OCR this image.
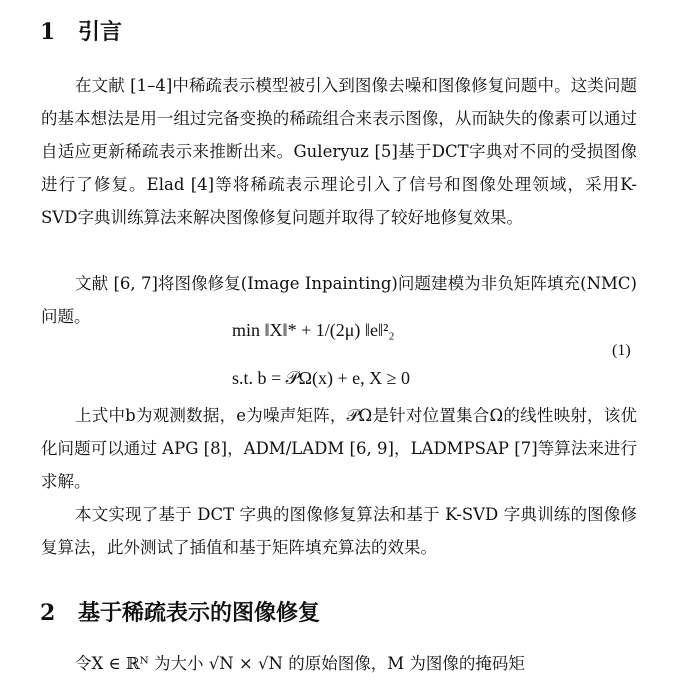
1 引言

在文献 [1–4]中稀疏表示模型被引入到图像去噪和图像修复问题中。这类问题的基本想法是用一组过完备变换的稀疏组合来表示图像，从而缺失的像素可以通过自适应更新稀疏表示来推断出来。Guleryuz [5]基于DCT字典对不同的受损图像进行了修复。Elad [4]等将稀疏表示理论引入了信号和图像处理领域，采用K-SVD字典训练算法来解决图像修复问题并取得了较好地修复效果。

文献 [6, 7]将图像修复(Image Inpainting)问题建模为非负矩阵填充(NMC)问题。

min ‖X‖* + 1/(2μ) ‖e‖²₂
s.t. b = 𝒫Ω(x) + e, X ≥ 0
(1)

上式中b为观测数据，e为噪声矩阵，𝒫Ω是针对位置集合Ω的线性映射，该优化问题可以通过 APG [8]，ADM/LADM [6, 9]，LADMPSAP [7]等算法来进行求解。

本文实现了基于 DCT 字典的图像修复算法和基于 K-SVD 字典训练的图像修复算法，此外测试了插值和基于矩阵填充算法的效果。

2 基于稀疏表示的图像修复

令X ∈ ℝᴺ 为大小 √N × √N 的原始图像，M 为图像的掩码矩
